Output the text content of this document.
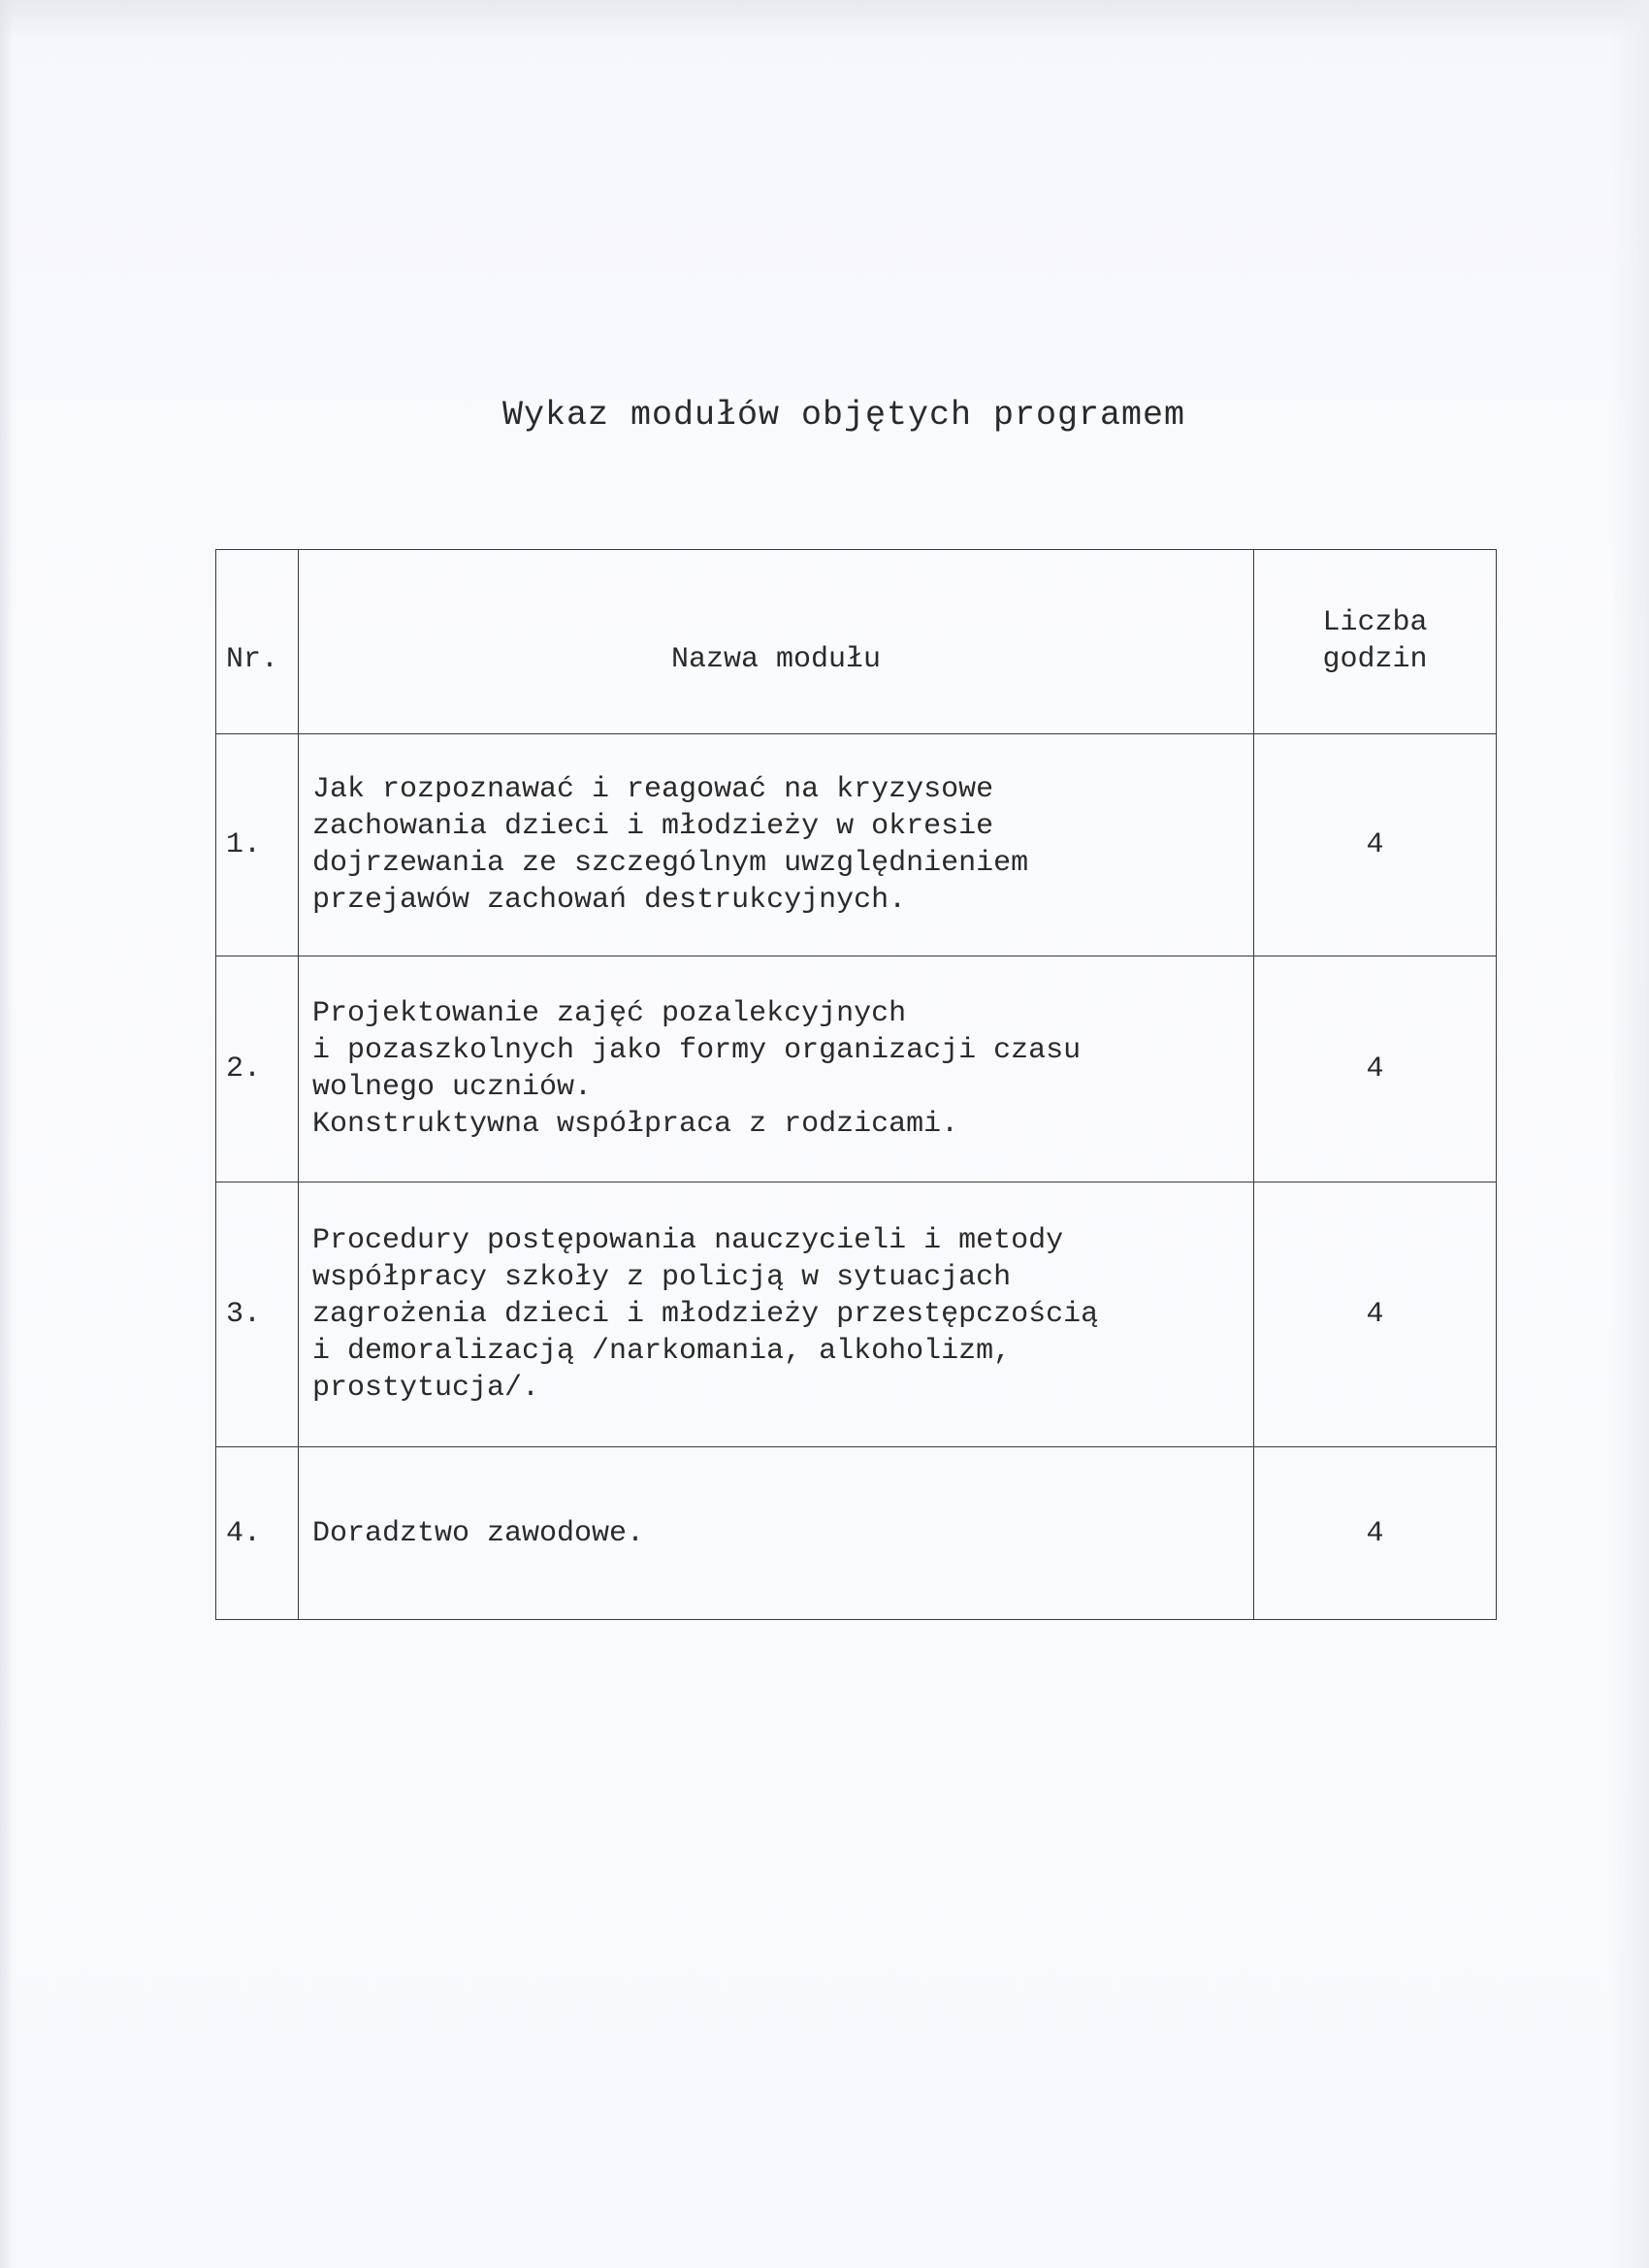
Wykaz modułów objętych programem
Nr.	Nazwa modułu	Liczba
godzin

1.	Jak rozpoznawać i reagować na kryzysowe
zachowania dzieci i młodzieży w okresie
dojrzewania ze szczególnym uwzględnieniem
przejawów zachowań destrukcyjnych.	4
2.	Projektowanie zajęć pozalekcyjnych
i pozaszkolnych jako formy organizacji czasu
wolnego uczniów.
Konstruktywna współpraca z rodzicami.	4
3.	Procedury postępowania nauczycieli i metody
współpracy szkoły z policją w sytuacjach
zagrożenia dzieci i młodzieży przestępczością
i demoralizacją /narkomania, alkoholizm,
prostytucja/.	4
4.	Doradztwo zawodowe.	4
